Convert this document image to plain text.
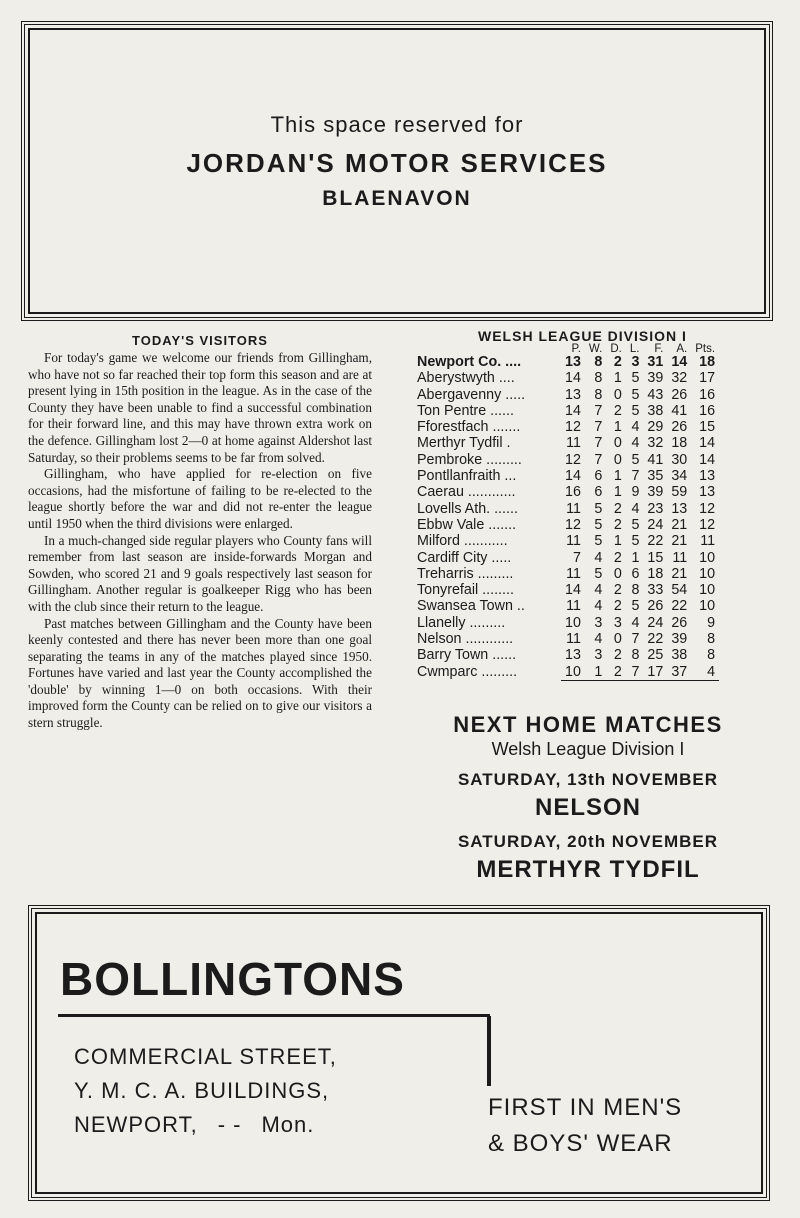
This space reserved for
JORDAN'S MOTOR SERVICES
BLAENAVON
TODAY'S VISITORS

For today's game we welcome our friends from Gillingham, who have not so far reached their top form this season and are at present lying in 15th position in the league. As in the case of the County they have been unable to find a successful combination for their forward line, and this may have thrown extra work on the defence. Gillingham lost 2—0 at home against Aldershot last Saturday, so their problems seems to be far from solved.

Gillingham, who have applied for re-election on five occasions, had the misfortune of failing to be re-elected to the league shortly before the war and did not re-enter the league until 1950 when the third divisions were enlarged.

In a much-changed side regular players who County fans will remember from last season are inside-forwards Morgan and Sowden, who scored 21 and 9 goals respectively last season for Gillingham. Another regular is goalkeeper Rigg who has been with the club since their return to the league.

Past matches between Gillingham and the County have been keenly contested and there has never been more than one goal separating the teams in any of the matches played since 1950. Fortunes have varied and last year the County accomplished the 'double' by winning 1—0 on both occasions. With their improved form the County can be relied on to give our visitors a stern struggle.

WELSH LEAGUE DIVISION I
	P.	W.	D.	L.	F.	A.	Pts.
Newport Co. ....	13	8	2	3	31	14	18
Aberystwyth ....	14	8	1	5	39	32	17
Abergavenny .....	13	8	0	5	43	26	16
Ton Pentre ......	14	7	2	5	38	41	16
Fforestfach .......	12	7	1	4	29	26	15
Merthyr Tydfil .	11	7	0	4	32	18	14
Pembroke .........	12	7	0	5	41	30	14
Pontllanfraith ...	14	6	1	7	35	34	13
Caerau ............	16	6	1	9	39	59	13
Lovells Ath. ......	11	5	2	4	23	13	12
Ebbw Vale .......	12	5	2	5	24	21	12
Milford ...........	11	5	1	5	22	21	11
Cardiff City .....	7	4	2	1	15	11	10
Treharris .........	11	5	0	6	18	21	10
Tonyrefail ........	14	4	2	8	33	54	10
Swansea Town ..	11	4	2	5	26	22	10
Llanelly .........	10	3	3	4	24	26	9
Nelson ............	11	4	0	7	22	39	8
Barry Town ......	13	3	2	8	25	38	8
Cwmparc .........	10	1	2	7	17	37	4
NEXT HOME MATCHES
Welsh League Division I
SATURDAY, 13th NOVEMBER
NELSON
SATURDAY, 20th NOVEMBER
MERTHYR TYDFIL
BOLLINGTONS
COMMERCIAL STREET,
Y. M. C. A. BUILDINGS,
NEWPORT, - - Mon.
FIRST IN MEN'S
& BOYS' WEAR
